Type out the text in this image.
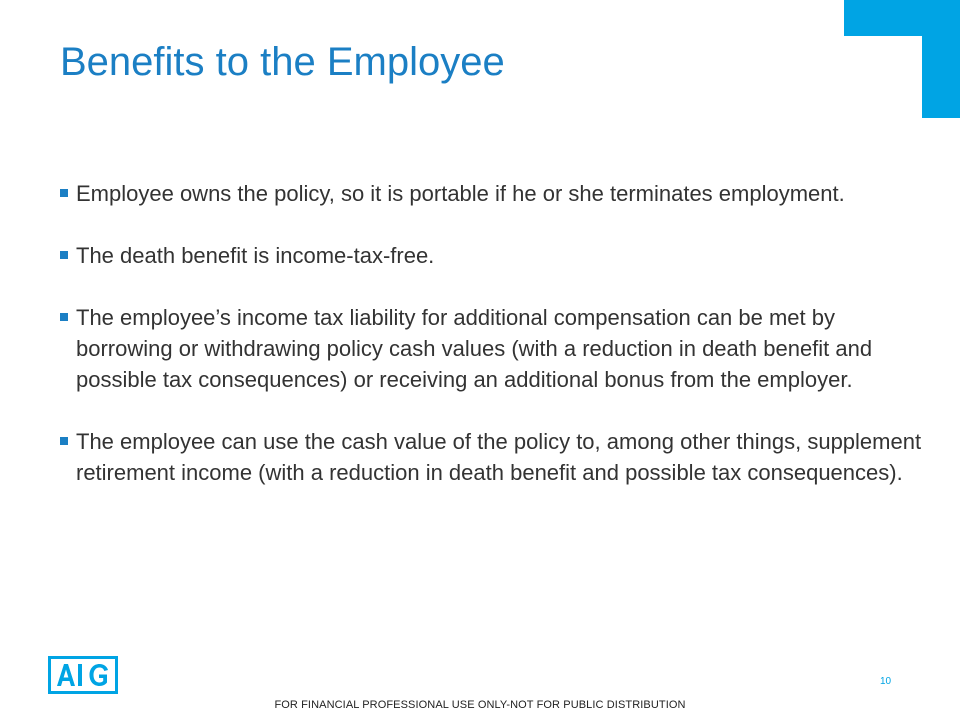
Benefits to the Employee
Employee owns the policy, so it is portable if he or she terminates employment.
The death benefit is income-tax-free.
The employee’s income tax liability for additional compensation can be met by borrowing or withdrawing policy cash values (with a reduction in death benefit and possible tax consequences) or receiving an additional bonus from the employer.
The employee can use the cash value of the policy to, among other things, supplement retirement income (with a reduction in death benefit and possible tax consequences).
10
FOR FINANCIAL PROFESSIONAL USE ONLY-NOT FOR PUBLIC DISTRIBUTION
